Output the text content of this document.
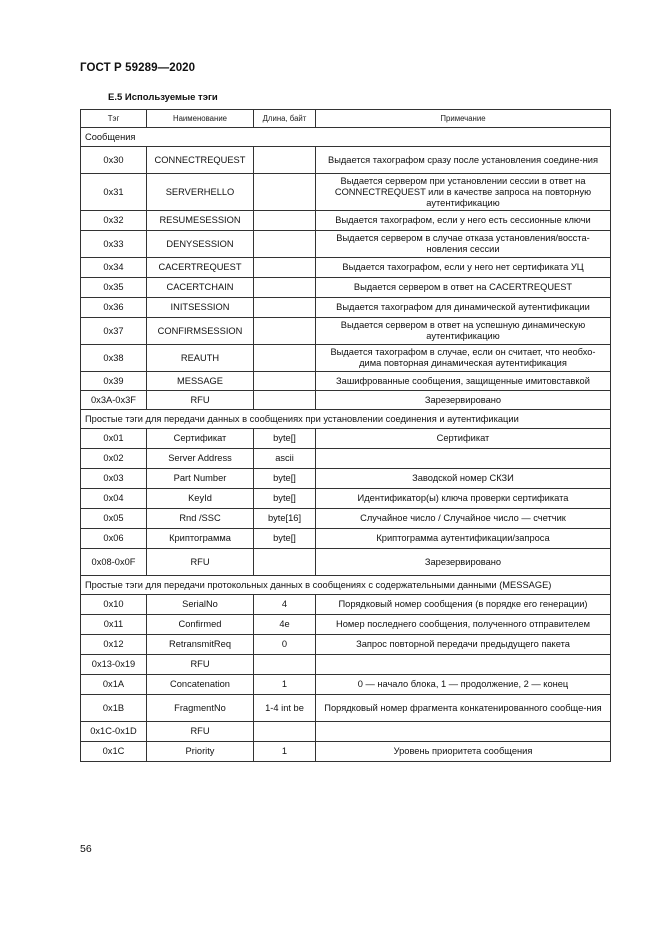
ГОСТ Р 59289—2020
E.5 Используемые тэги
Тэг	Наименование	Длина, байт	Примечание
Сообщения			
0x30	CONNECTREQUEST		Выдается тахографом сразу после установления соедине-ния
0x31	SERVERHELLO		Выдается сервером при установлении сессии в ответ на CONNECTREQUEST или в качестве запроса на повторную аутентификацию
0x32	RESUMESESSION		Выдается тахографом, если у него есть сессионные ключи
0x33	DENYSESSION		Выдается сервером в случае отказа установления/восста-новления сессии
0x34	CACERTREQUEST		Выдается тахографом, если у него нет сертификата УЦ
0x35	CACERTCHAIN		Выдается сервером в ответ на CACERTREQUEST
0x36	INITSESSION		Выдается тахографом для динамической аутентификации
0x37	CONFIRMSESSION		Выдается сервером в ответ на успешную динамическую аутентификацию
0x38	REAUTH		Выдается тахографом в случае, если он считает, что необхо-дима повторная динамическая аутентификация
0x39	MESSAGE		Зашифрованные сообщения, защищенные имитовставкой
0x3A-0x3F	RFU		Зарезервировано
Простые тэги для передачи данных в сообщениях при установлении соединения и аутентификации			
0x01	Сертификат	byte[]	Сертификат
0x02	Server Address	ascii	
0x03	Part Number	byte[]	Заводской номер СКЗИ
0x04	KeyId	byte[]	Идентификатор(ы) ключа проверки сертификата
0x05	Rnd /SSC	byte[16]	Случайное число / Случайное число — счетчик
0x06	Криптограмма	byte[]	Криптограмма аутентификации/запроса
0x08-0x0F	RFU		Зарезервировано
Простые тэги для передачи протокольных данных в сообщениях с содержательными данными (MESSAGE)			
0x10	SerialNo	4	Порядковый номер сообщения (в порядке его генерации)
0x11	Confirmed	4e	Номер последнего сообщения, полученного отправителем
0x12	RetransmitReq	0	Запрос повторной передачи предыдущего пакета
0x13-0x19	RFU		
0x1A	Concatenation	1	0 — начало блока, 1 — продолжение, 2 — конец
0x1B	FragmentNo	1-4 int be	Порядковый номер фрагмента конкатенированного сообще-ния
0x1C-0x1D	RFU		
0x1C	Priority	1	Уровень приоритета сообщения
56
